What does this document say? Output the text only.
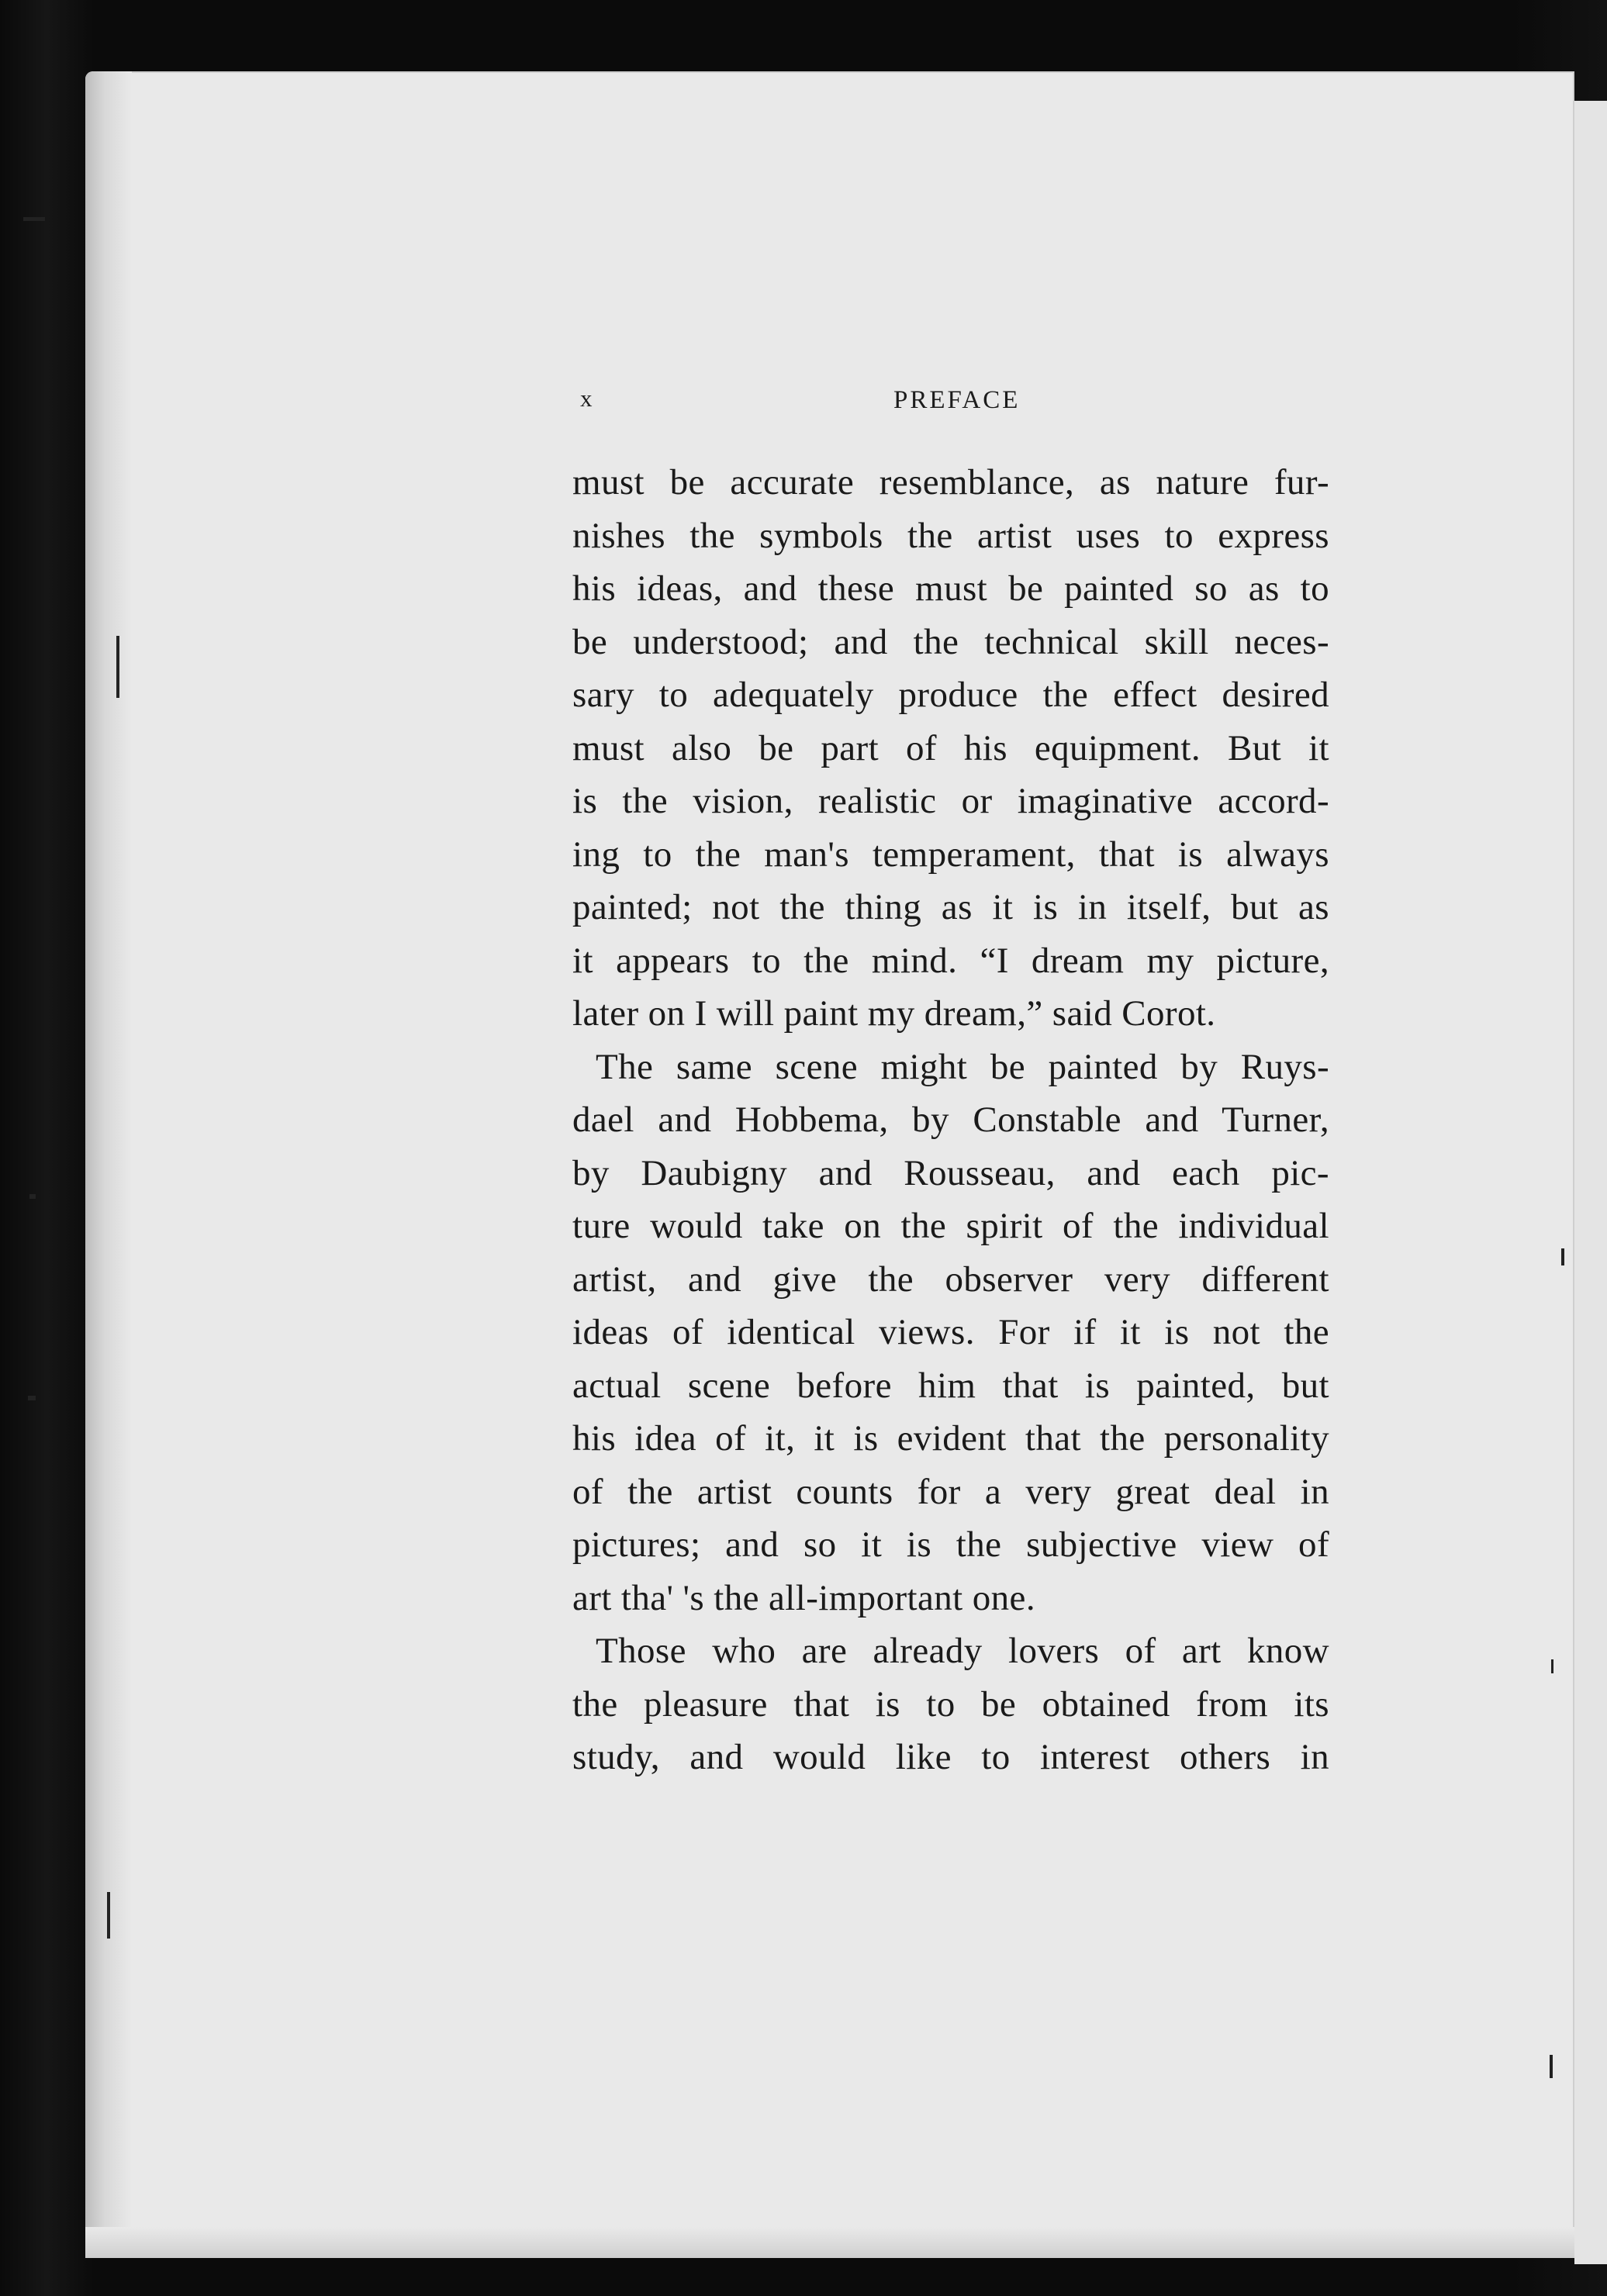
x	PREFACE
must be accurate resemblance, as nature fur-
nishes the symbols the artist uses to express
his ideas, and these must be painted so as to
be understood; and the technical skill neces-
sary to adequately produce the effect desired
must also be part of his equipment. But it
is the vision, realistic or imaginative accord-
ing to the man's temperament, that is always
painted; not the thing as it is in itself, but as
it appears to the mind. “I dream my picture,
later on I will paint my dream,” said Corot.
The same scene might be painted by Ruys-
dael and Hobbema, by Constable and Turner,
by Daubigny and Rousseau, and each pic-
ture would take on the spirit of the individual
artist, and give the observer very different
ideas of identical views. For if it is not the
actual scene before him that is painted, but
his idea of it, it is evident that the personality
of the artist counts for a very great deal in
pictures; and so it is the subjective view of
art tha' 's the all-important one.
Those who are already lovers of art know
the pleasure that is to be obtained from its
study, and would like to interest others in
